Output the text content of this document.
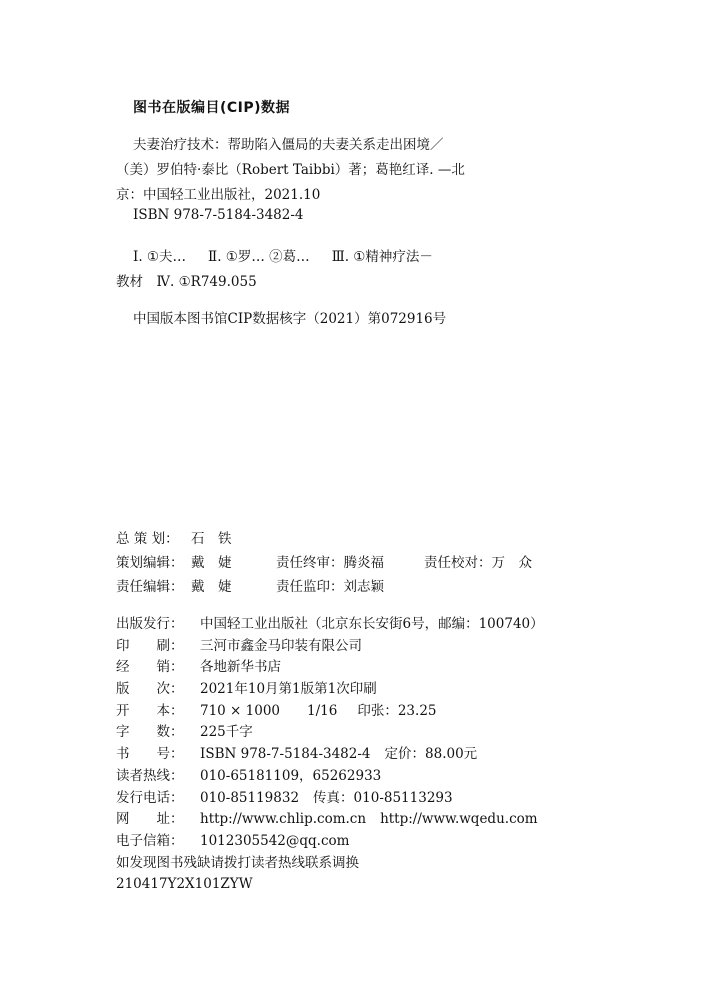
图书在版编目(CIP)数据
夫妻治疗技术：帮助陷入僵局的夫妻关系走出困境／
（美）罗伯特·泰比（Robert Taibbi）著；葛艳红译. —北
京：中国轻工业出版社，2021.10
ISBN 978-7-5184-3482-4
Ⅰ. ①夫… Ⅱ. ①罗… ②葛… Ⅲ. ①精神疗法－
教材　Ⅳ. ①R749.055
中国版本图书馆CIP数据核字（2021）第072916号
总 策 划： 石　铁
策划编辑： 戴　婕	责任终审：腾炎福	责任校对：万　众
责任编辑： 戴　婕	责任监印：刘志颖
出版发行： 中国轻工业出版社（北京东长安街6号，邮编：100740）
印　　刷： 三河市鑫金马印装有限公司
经　　销： 各地新华书店
版　　次： 2021年10月第1版第1次印刷
开　　本： 710 × 1000　　1/16 印张：23.25
字　　数： 225千字
书　　号： ISBN 978-7-5184-3482-4 定价：88.00元
读者热线： 010-65181109，65262933
发行电话： 010-85119832 传真：010-85113293
网　　址： http://www.chlip.com.cn http://www.wqedu.com
电子信箱： 1012305542@qq.com
如发现图书残缺请拨打读者热线联系调换
210417Y2X101ZYW
